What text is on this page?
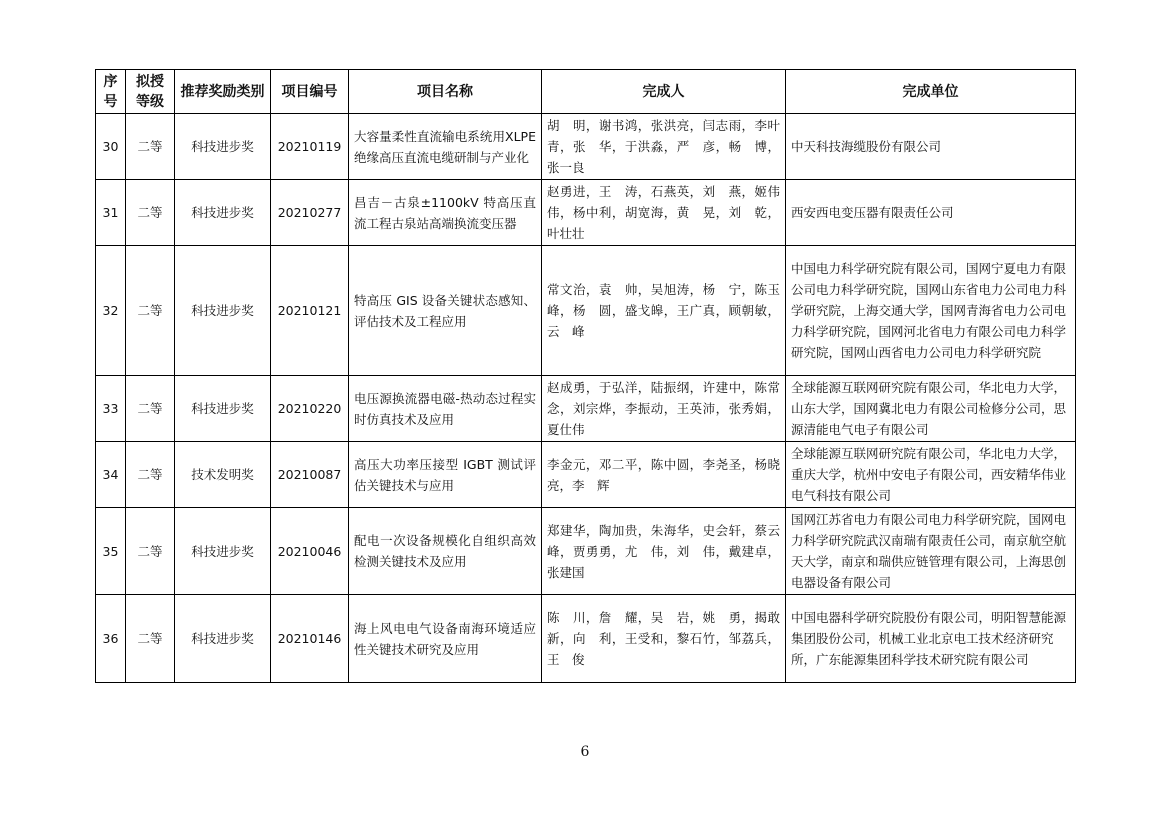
序号	拟授等级	推荐奖励类别	项目编号	项目名称	完成人	完成单位
30	二等	科技进步奖	20210119	大容量柔性直流输电系统用XLPE绝缘高压直流电缆研制与产业化	胡　明，谢书鸿，张洪亮，闫志雨，李叶青，张　华，于洪淼，严　彦，畅　博，张一良	中天科技海缆股份有限公司
31	二等	科技进步奖	20210277	昌吉－古泉±1100kV 特高压直流工程古泉站高端换流变压器	赵勇进，王　涛，石燕英，刘　燕，姬伟伟，杨中利，胡宽海，黄　晃，刘　乾，叶壮壮	西安西电变压器有限责任公司
32	二等	科技进步奖	20210121	特高压 GIS 设备关键状态感知、评估技术及工程应用	常文治，袁　帅，吴旭涛，杨　宁，陈玉峰，杨　圆，盛戈皞，王广真，顾朝敏，云　峰	中国电力科学研究院有限公司，国网宁夏电力有限公司电力科学研究院，国网山东省电力公司电力科学研究院，上海交通大学，国网青海省电力公司电力科学研究院，国网河北省电力有限公司电力科学研究院，国网山西省电力公司电力科学研究院
33	二等	科技进步奖	20210220	电压源换流器电磁-热动态过程实时仿真技术及应用	赵成勇，于弘洋，陆振纲，许建中，陈常念，刘宗烨，李振动，王英沛，张秀娟，夏仕伟	全球能源互联网研究院有限公司，华北电力大学，山东大学，国网冀北电力有限公司检修分公司，思源清能电气电子有限公司
34	二等	技术发明奖	20210087	高压大功率压接型 IGBT 测试评估关键技术与应用	李金元，邓二平，陈中圆，李尧圣，杨晓亮，李　辉	全球能源互联网研究院有限公司，华北电力大学，重庆大学，杭州中安电子有限公司，西安精华伟业电气科技有限公司
35	二等	科技进步奖	20210046	配电一次设备规模化自组织高效检测关键技术及应用	郑建华，陶加贵，朱海华，史会轩，蔡云峰，贾勇勇，尤　伟，刘　伟，戴建卓，张建国	国网江苏省电力有限公司电力科学研究院，国网电力科学研究院武汉南瑞有限责任公司，南京航空航天大学，南京和瑞供应链管理有限公司，上海思创电器设备有限公司
36	二等	科技进步奖	20210146	海上风电电气设备南海环境适应性关键技术研究及应用	陈　川，詹　耀，吴　岩，姚　勇，揭敢新，向　利，王受和，黎石竹，邹荔兵，王　俊	中国电器科学研究院股份有限公司，明阳智慧能源集团股份公司，机械工业北京电工技术经济研究所，广东能源集团科学技术研究院有限公司
6
